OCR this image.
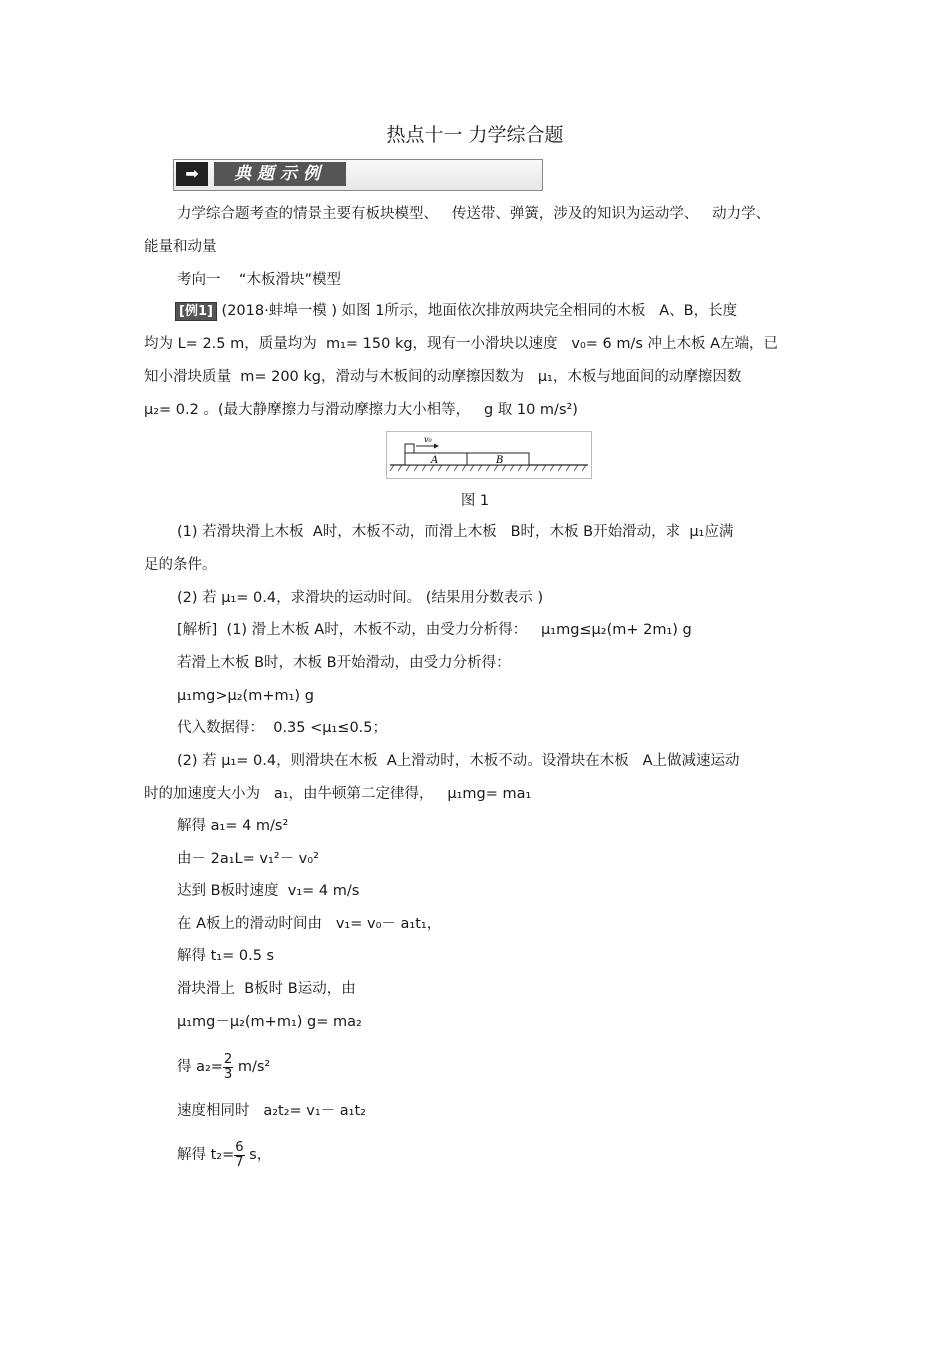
热点十一 力学综合题
➡	典题示例
力学综合题考查的情景主要有板块模型、   传送带、弹簧，涉及的知识为运动学、   动力学、
能量和动量
考向一    “木板滑块”模型
[例1] (2018·蚌埠一模 ) 如图 1所示，地面依次排放两块完全相同的木板   A、B，长度
均为 L= 2.5 m，质量均为  m₁= 150 kg，现有一小滑块以速度   v₀= 6 m/s 冲上木板 A左端，已
知小滑块质量  m= 200 kg，滑动与木板间的动摩擦因数为   μ₁，木板与地面间的动摩擦因数
μ₂= 0.2 。(最大静摩擦力与滑动摩擦力大小相等，   g 取 10 m/s²)
v₀
A	B
图 1
(1) 若滑块滑上木板  A时，木板不动，而滑上木板   B时，木板 B开始滑动，求  μ₁应满
足的条件。
(2) 若 μ₁= 0.4，求滑块的运动时间。 (结果用分数表示 )
[解析]  (1) 滑上木板 A时，木板不动，由受力分析得：   μ₁mg≤μ₂(m+ 2m₁) g
若滑上木板 B时，木板 B开始滑动，由受力分析得：
μ₁mg>μ₂(m+m₁) g
代入数据得：  0.35 <μ₁≤0.5；
(2) 若 μ₁= 0.4，则滑块在木板  A上滑动时，木板不动。设滑块在木板   A上做减速运动
时的加速度大小为   a₁，由牛顿第二定律得，   μ₁mg= ma₁
解得 a₁= 4 m/s²
由－ 2a₁L= v₁²－ v₀²
达到 B板时速度  v₁= 4 m/s
在 A板上的滑动时间由   v₁= v₀－ a₁t₁，
解得 t₁= 0.5 s
滑块滑上  B板时 B运动，由
μ₁mg－μ₂(m+m₁) g= ma₂
得 $a_2= \frac{2}{3} m/s^2$
速度相同时   a₂t₂= v₁－ a₁t₂
解得 $t_2= \frac{6}{7}$ s，
